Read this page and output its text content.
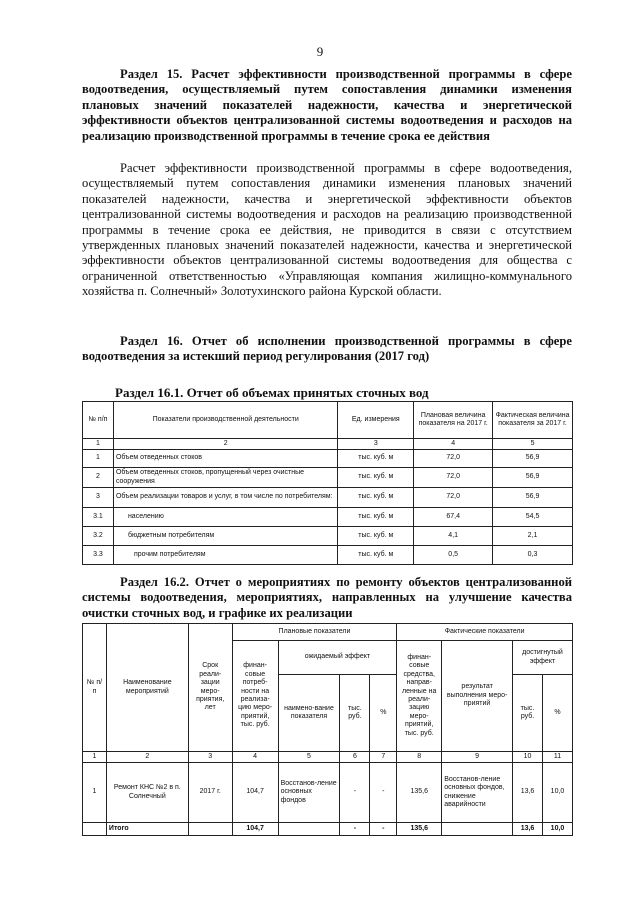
9
Раздел 15. Расчет эффективности производственной программы в сфере водоотведения, осуществляемый путем сопоставления динамики изменения плановых значений показателей надежности, качества и энергетической эффективности объектов централизованной системы водоотведения и расходов на реализацию производственной программы в течение срока ее действия
Расчет эффективности производственной программы в сфере водоотведения, осуществляемый путем сопоставления динамики изменения плановых значений показателей надежности, качества и энергетической эффективности объектов централизованной системы водоотведения и расходов на реализацию производственной программы в течение срока ее действия, не приводится в связи с отсутствием утвержденных плановых значений показателей надежности, качества и энергетической эффективности объектов централизованной системы водоотведения для общества с ограниченной ответственностью «Управляющая компания жилищно-коммунального хозяйства п. Солнечный» Золотухинского района Курской области.
Раздел 16. Отчет об исполнении производственной программы в сфере водоотведения за истекший период регулирования (2017 год)
Раздел 16.1. Отчет об объемах принятых сточных вод
№ п/п	Показатели производственной деятельности	Ед. измерения	Плановая величина показателя на 2017 г.	Фактическая величина показателя за 2017 г.
1	2	3	4	5
1	Объем отведенных стоков	тыс. куб. м	72,0	56,9
2	Объем отведенных стоков, пропущенный через очистные сооружения	тыс. куб. м	72,0	56,9
3	Объем реализации товаров и услуг, в том числе по потребителям:	тыс. куб. м	72,0	56,9
3.1	населению	тыс. куб. м	67,4	54,5
3.2	бюджетным потребителям	тыс. куб. м	4,1	2,1
3.3	прочим потребителям	тыс. куб. м	0,5	0,3
Раздел 16.2. Отчет о мероприятиях по ремонту объектов централизованной системы водоотведения, мероприятиях, направленных на улучшение качества очистки сточных вод, и графике их реализации
№ п/п	Наименование мероприятий	Срок реали-зации меро-приятия, лет	Плановые показатели				Фактические показатели			
			финан-совые потреб-ности на реализа-цию меро-приятий, тыс. руб.	ожидаемый эффект			финан-совые средства, направ-ленные на реали-зацию меро-приятий, тыс. руб.	результат выполнения меро-приятий	достигнутый эффект	
				наимено-вание показателя	тыс. руб.	%			тыс. руб.	%
1	2	3	4	5	6	7	8	9	10	11
1	Ремонт КНС №2 в п. Солнечный	2017 г.	104,7	Восстанов-ление основных фондов	-	-	135,6	Восстанов-ление основных фондов, снижение аварийности	13,6	10,0
	Итого		104,7		-	-	135,6		13,6	10,0
